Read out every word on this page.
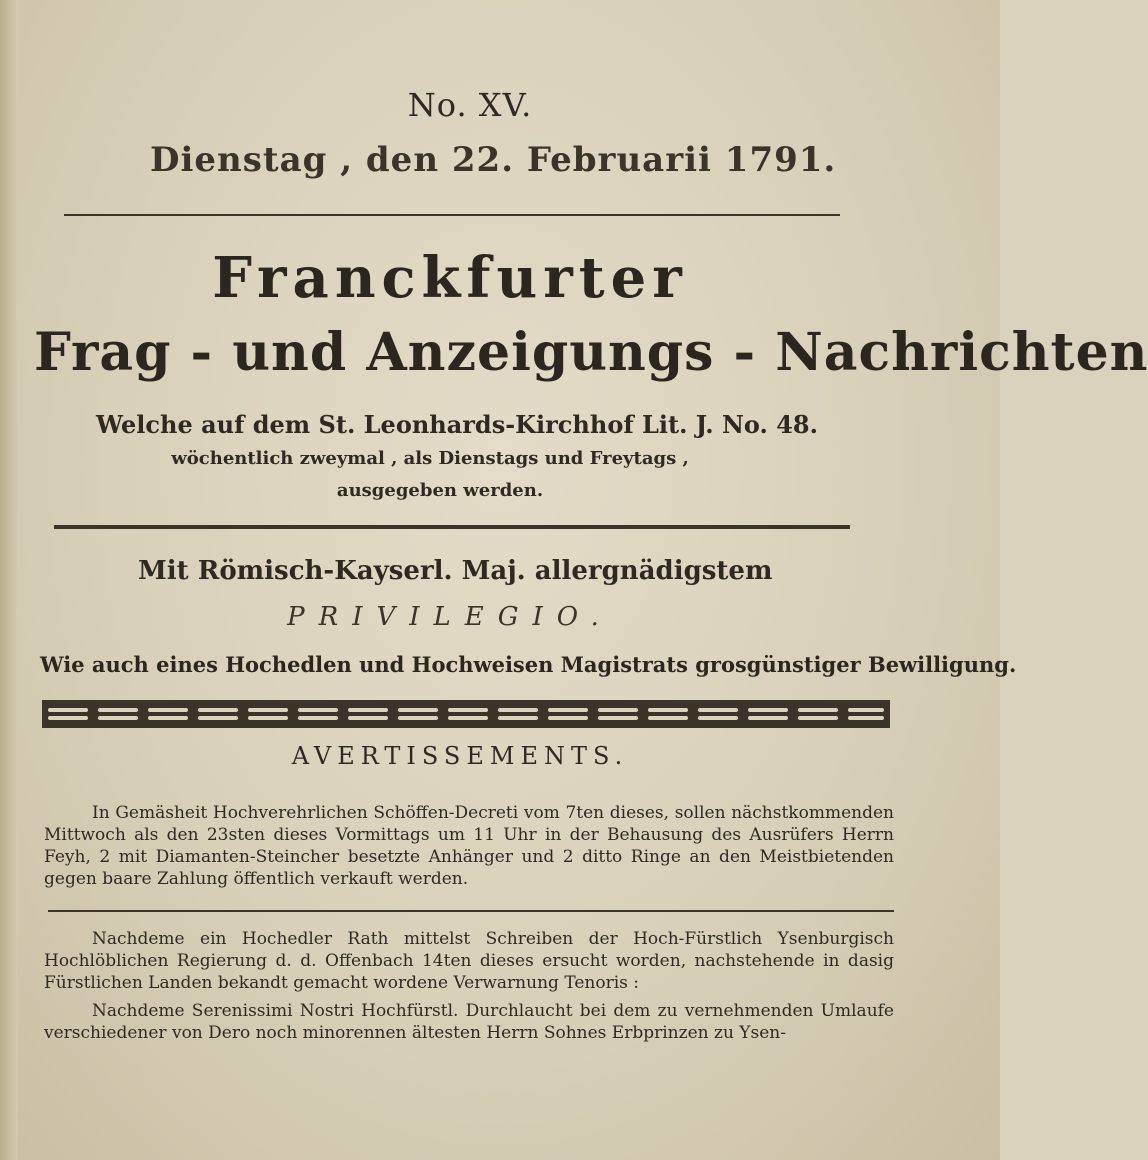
No. XV.
Dienstag , den 22. Februarii 1791.
Franckfurter
Frag - und Anzeigungs - Nachrichten
Welche auf dem St. Leonhards-Kirchhof Lit. J. No. 48.
wöchentlich zweymal , als Dienstags und Freytags ,
ausgegeben werden.
Mit Römisch-Kayserl. Maj. allergnädigstem
PRIVILEGIO.
Wie auch eines Hochedlen und Hochweisen Magistrats grosgünstiger Bewilligung.
AVERTISSEMENTS.
In Gemäsheit Hochverehrlichen Schöffen-Decreti vom 7ten dieses, sollen nächstkommenden Mittwoch als den 23sten dieses Vormittags um 11 Uhr in der Behausung des Ausrüfers Herrn Feyh, 2 mit Diamanten-Steincher besetzte Anhänger und 2 ditto Ringe an den Meistbietenden gegen baare Zahlung öffentlich verkauft werden.
Nachdeme ein Hochedler Rath mittelst Schreiben der Hoch-Fürstlich Ysenburgisch Hochlöblichen Regierung d. d. Offenbach 14ten dieses ersucht worden, nachstehende in dasig Fürstlichen Landen bekandt gemacht wordene Verwarnung Tenoris :
Nachdeme Serenissimi Nostri Hochfürstl. Durchlaucht bei dem zu vernehmenden Umlaufe verschiedener von Dero noch minorennen ältesten Herrn Sohnes Erbprinzen zu Ysen-
